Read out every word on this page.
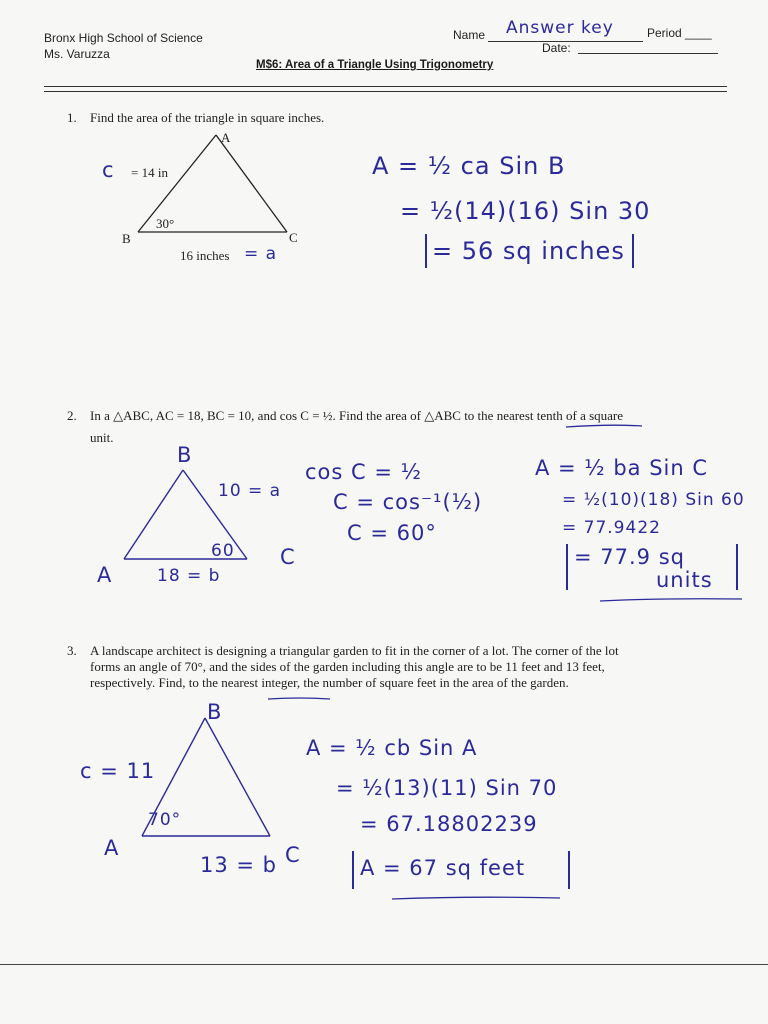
Bronx High School of Science
Ms. Varuzza
Name Answer key	Period ____
Date:
M$6: Area of a Triangle Using Trigonometry
1. Find the area of the triangle in square inches.
A
B	C
c = 14 in
30°
16 inches = a
A = ½ ca Sin B
= ½(14)(16) Sin 30
= 56 sq inches
2. In a △ABC, AC = 18, BC = 10, and cos C = ½. Find the area of △ABC to the nearest tenth of a square
unit.
B
A
C
10 = a
60
18 = b
cos C = ½
C = cos⁻¹(½)
C = 60°
A = ½ ba Sin C
= ½(10)(18) Sin 60
= 77.9422
= 77.9 sq
units
3. A landscape architect is designing a triangular garden to fit in the corner of a lot. The corner of the lot
forms an angle of 70°, and the sides of the garden including this angle are to be 11 feet and 13 feet,
respectively. Find, to the nearest integer, the number of square feet in the area of the garden.
B
A	C
c = 11
70°
13 = b
A = ½ cb Sin A
= ½(13)(11) Sin 70
= 67.18802239
A = 67 sq feet
